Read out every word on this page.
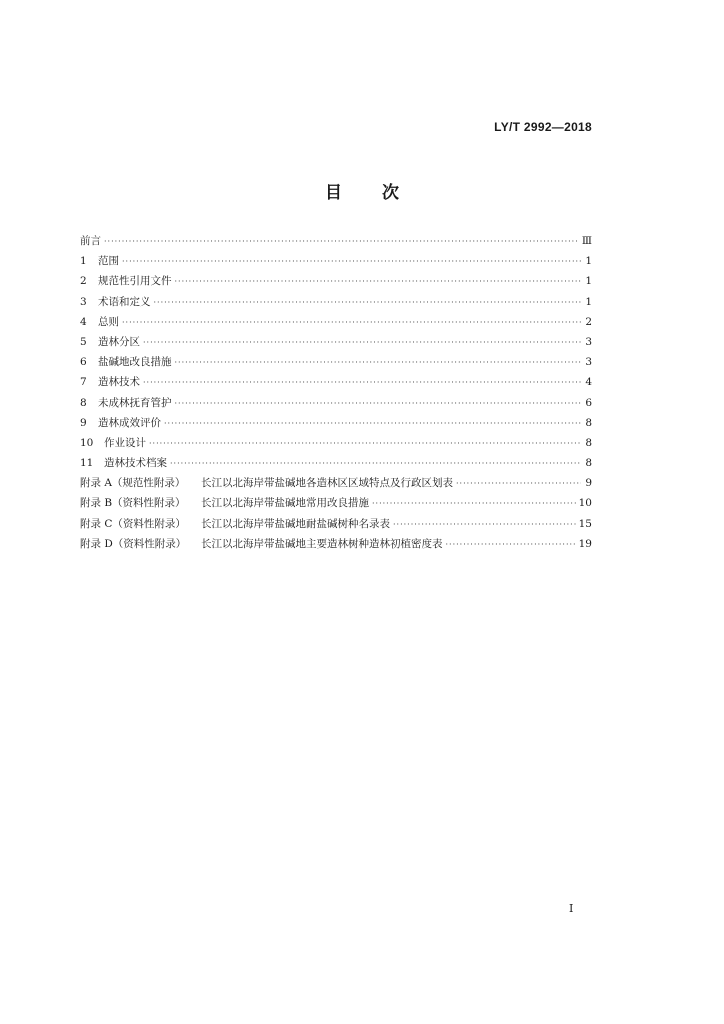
LY/T 2992—2018
目 次
前言 ·····	Ⅲ
1 范围 ·····	1
2 规范性引用文件 ·····	1
3 术语和定义 ·····	1
4 总则 ·····	2
5 造林分区 ·····	3
6 盐碱地改良措施 ·····	3
7 造林技术 ·····	4
8 未成林抚育管护 ·····	6
9 造林成效评价 ·····	8
10 作业设计 ·····	8
11 造林技术档案 ·····	8
附录 A（规范性附录） 长江以北海岸带盐碱地各造林区区域特点及行政区划表 ·····	9
附录 B（资料性附录） 长江以北海岸带盐碱地常用改良措施 ·····	10
附录 C（资料性附录） 长江以北海岸带盐碱地耐盐碱树种名录表 ·····	15
附录 D（资料性附录） 长江以北海岸带盐碱地主要造林树种造林初植密度表 ·····	19
I
